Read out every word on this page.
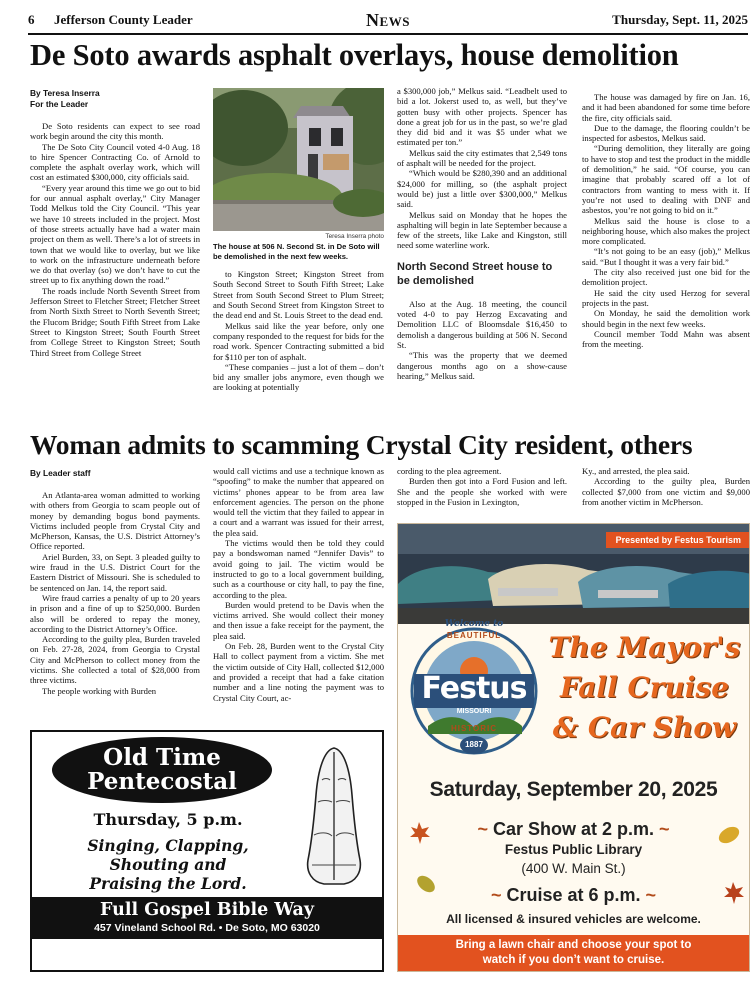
6 Jefferson County Leader	News	Thursday, Sept. 11, 2025
De Soto awards asphalt overlays, house demolition
By Teresa Inserra
For the Leader

De Soto residents can expect to see road work begin around the city this month.

The De Soto City Council voted 4-0 Aug. 18 to hire Spencer Contracting Co. of Arnold to complete the asphalt overlay work, which will cost an estimated $300,000, city officials said.

“Every year around this time we go out to bid for our annual asphalt overlay,” City Manager Todd Melkus told the City Council. “This year we have 10 streets included in the project. Most of those streets actually have had a water main project on them as well. There’s a lot of streets in town that we would like to overlay, but we like to work on the infrastructure underneath before we do that overlay (so) we don’t have to cut the street up to fix anything down the road.”

The roads include North Seventh Street from Jefferson Street to Fletcher Street; Fletcher Street from North Sixth Street to North Seventh Street; the Flucom Bridge; South Fifth Street from Lake Street to Kingston Street; South Fourth Street from College Street to Kingston Street; South Third Street from College Street

Teresa Inserra photo
The house at 506 N. Second St. in De Soto will be demolished in the next few weeks.

to Kingston Street; Kingston Street from South Second Street to South Fifth Street; Lake Street from South Second Street to Plum Street; and South Second Street from Kingston Street to the dead end and St. Louis Street to the dead end.

Melkus said like the year before, only one company responded to the request for bids for the road work. Spencer Contracting submitted a bid for $110 per ton of asphalt.

“These companies – just a lot of them – don’t bid any smaller jobs anymore, even though we are looking at potentially

a $300,000 job,” Melkus said. “Leadbelt used to bid a lot. Jokerst used to, as well, but they’ve gotten busy with other projects. Spencer has done a great job for us in the past, so we’re glad they did bid and it was $5 under what we estimated per ton.”

Melkus said the city estimates that 2,549 tons of asphalt will be needed for the project.

“Which would be $280,390 and an additional $24,000 for milling, so (the asphalt project would be) just a little over $300,000,” Melkus said.

Melkus said on Monday that he hopes the asphalting will begin in late September because a few of the streets, like Lake and Kingston, still need some waterline work.

North Second Street house to be demolished

Also at the Aug. 18 meeting, the council voted 4-0 to pay Herzog Excavating and Demolition LLC of Bloomsdale $16,450 to demolish a dangerous building at 506 N. Second St.

“This was the property that we deemed dangerous months ago on a show-cause hearing,” Melkus said.

The house was damaged by fire on Jan. 16, and it had been abandoned for some time before the fire, city officials said.

Due to the damage, the flooring couldn’t be inspected for asbestos, Melkus said.

“During demolition, they literally are going to have to stop and test the product in the middle of demolition,” he said. “Of course, you can imagine that probably scared off a lot of contractors from wanting to mess with it. If you’re not used to dealing with DNF and asbestos, you’re not going to bid on it.”

Melkus said the house is close to a neighboring house, which also makes the project more complicated.

“It’s not going to be an easy (job),” Melkus said. “But I thought it was a very fair bid.”

The city also received just one bid for the demolition project.

He said the city used Herzog for several projects in the past.

On Monday, he said the demolition work should begin in the next few weeks.

Council member Todd Mahn was absent from the meeting.

Woman admits to scamming Crystal City resident, others
By Leader staff

An Atlanta-area woman admitted to working with others from Georgia to scam people out of money by demanding bogus bond payments. Victims included people from Crystal City and McPherson, Kansas, the U.S. District Attorney’s Office reported.

Ariel Burden, 33, on Sept. 3 pleaded guilty to wire fraud in the U.S. District Court for the Eastern District of Missouri. She is scheduled to be sentenced on Jan. 14, the report said.

Wire fraud carries a penalty of up to 20 years in prison and a fine of up to $250,000. Burden also will be ordered to repay the money, according to the District Attorney’s Office.

According to the guilty plea, Burden traveled on Feb. 27-28, 2024, from Georgia to Crystal City and McPherson to collect money from the victims. She collected a total of $28,000 from three victims.

The people working with Burden

would call victims and use a technique known as “spoofing” to make the number that appeared on victims’ phones appear to be from area law enforcement agencies. The person on the phone would tell the victim that they failed to appear in a court and a warrant was issued for their arrest, the plea said.

The victims would then be told they could pay a bondswoman named “Jennifer Davis” to avoid going to jail. The victim would be instructed to go to a local government building, such as a courthouse or city hall, to pay the fine, according to the plea.

Burden would pretend to be Davis when the victims arrived. She would collect their money and then issue a fake receipt for the payment, the plea said.

On Feb. 28, Burden went to the Crystal City Hall to collect payment from a victim. She met the victim outside of City Hall, collected $12,000 and provided a receipt that had a fake citation number and a line noting the payment was to Crystal City Court, ac-

cording to the plea agreement.

Burden then got into a Ford Fusion and left. She and the people she worked with were stopped in the Fusion in Lexington,

Ky., and arrested, the plea said.

According to the guilty plea, Burden collected $7,000 from one victim and $9,000 from another victim in McPherson.

Old Time
Pentecostal
Thursday, 5 p.m.
Singing, Clapping,
Shouting and
Praising the Lord.
Full Gospel Bible Way
457 Vineland School Rd. • De Soto, MO 63020
Presented by Festus Tourism
Welcome to
BEAUTIFUL
Festus
MISSOURI
HISTORIC
1887
The Mayor's
Fall Cruise
& Car Show
Saturday, September 20, 2025
~ Car Show at 2 p.m. ~
Festus Public Library
(400 W. Main St.)
~ Cruise at 6 p.m. ~
All licensed & insured vehicles are welcome.
Bring a lawn chair and choose your spot to
watch if you don’t want to cruise.
